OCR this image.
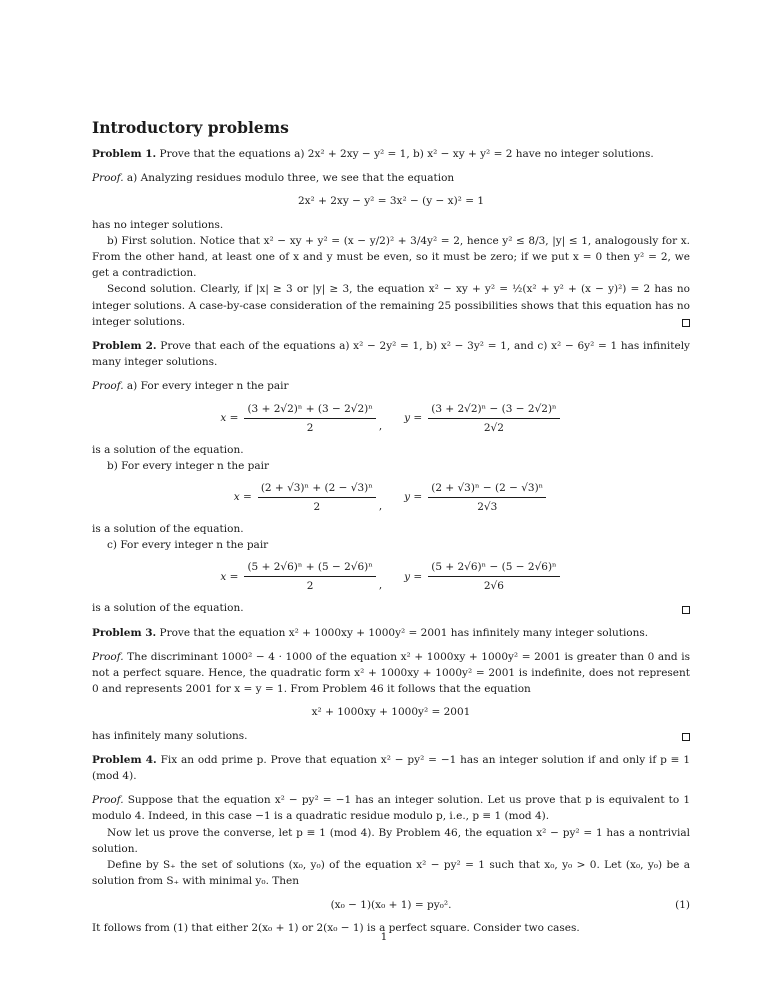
Introductory problems

Problem 1. Prove that the equations a) 2x² + 2xy − y² = 1, b) x² − xy + y² = 2 have no integer solutions.

Proof. a) Analyzing residues modulo three, we see that the equation

2x² + 2xy − y² = 3x² − (y − x)² = 1

has no integer solutions.

b) First solution. Notice that x² − xy + y² = (x − y/2)² + 3/4y² = 2, hence y² ≤ 8/3, |y| ≤ 1, analogously for x. From the other hand, at least one of x and y must be even, so it must be zero; if we put x = 0 then y² = 2, we get a contradiction.

Second solution. Clearly, if |x| ≥ 3 or |y| ≥ 3, the equation x² − xy + y² = ½(x² + y² + (x − y)²) = 2 has no integer solutions. A case-by-case consideration of the remaining 25 possibilities shows that this equation has no integer solutions.

Problem 2. Prove that each of the equations a) x² − 2y² = 1, b) x² − 3y² = 1, and c) x² − 6y² = 1 has infinitely many integer solutions.

Proof. a) For every integer n the pair

$x = \frac{\text{(3 + 2√2)ⁿ + (3 − 2√2)ⁿ}}{2}$ ,
$y = \frac{\text{(3 + 2√2)ⁿ − (3 − 2√2)ⁿ}}{2√2}$

is a solution of the equation.

b) For every integer n the pair

$x = \frac{\text{(2 + √3)ⁿ + (2 − √3)ⁿ}}{2}$ ,
$y = \frac{\text{(2 + √3)ⁿ − (2 − √3)ⁿ}}{2√3}$

is a solution of the equation.

c) For every integer n the pair

$x = \frac{\text{(5 + 2√6)ⁿ + (5 − 2√6)ⁿ}}{2}$ ,
$y = \frac{\text{(5 + 2√6)ⁿ − (5 − 2√6)ⁿ}}{2√6}$

is a solution of the equation.

Problem 3. Prove that the equation x² + 1000xy + 1000y² = 2001 has infinitely many integer solutions.

Proof. The discriminant 1000² − 4 · 1000 of the equation x² + 1000xy + 1000y² = 2001 is greater than 0 and is not a perfect square. Hence, the quadratic form x² + 1000xy + 1000y² = 2001 is indefinite, does not represent 0 and represents 2001 for x = y = 1. From Problem 46 it follows that the equation

x² + 1000xy + 1000y² = 2001

has infinitely many solutions.

Problem 4. Fix an odd prime p. Prove that equation x² − py² = −1 has an integer solution if and only if p ≡ 1 (mod 4).

Proof. Suppose that the equation x² − py² = −1 has an integer solution. Let us prove that p is equivalent to 1 modulo 4. Indeed, in this case −1 is a quadratic residue modulo p, i.e., p ≡ 1 (mod 4).

Now let us prove the converse, let p ≡ 1 (mod 4). By Problem 46, the equation x² − py² = 1 has a nontrivial solution.

Define by S₊ the set of solutions (x₀, y₀) of the equation x² − py² = 1 such that x₀, y₀ > 0. Let (x₀, y₀) be a solution from S₊ with minimal y₀. Then

(x₀ − 1)(x₀ + 1) = py₀².	(1)

It follows from (1) that either 2(x₀ + 1) or 2(x₀ − 1) is a perfect square. Consider two cases.

1
